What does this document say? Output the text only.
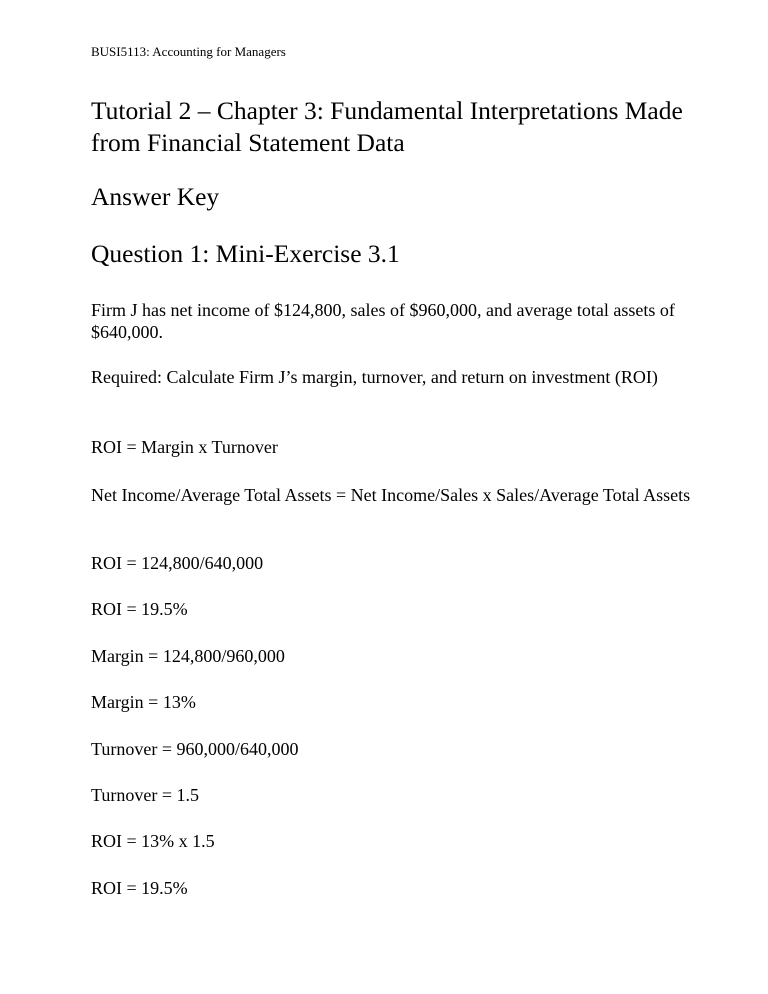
BUSI5113: Accounting for Managers
Tutorial 2 – Chapter 3: Fundamental Interpretations Made from Financial Statement Data
Answer Key
Question 1: Mini-Exercise 3.1
Firm J has net income of $124,800, sales of $960,000, and average total assets of $640,000.
Required: Calculate Firm J’s margin, turnover, and return on investment (ROI)
ROI = Margin x Turnover
Net Income/Average Total Assets = Net Income/Sales x Sales/Average Total Assets
ROI = 124,800/640,000
ROI = 19.5%
Margin = 124,800/960,000
Margin = 13%
Turnover = 960,000/640,000
Turnover = 1.5
ROI = 13% x 1.5
ROI = 19.5%
